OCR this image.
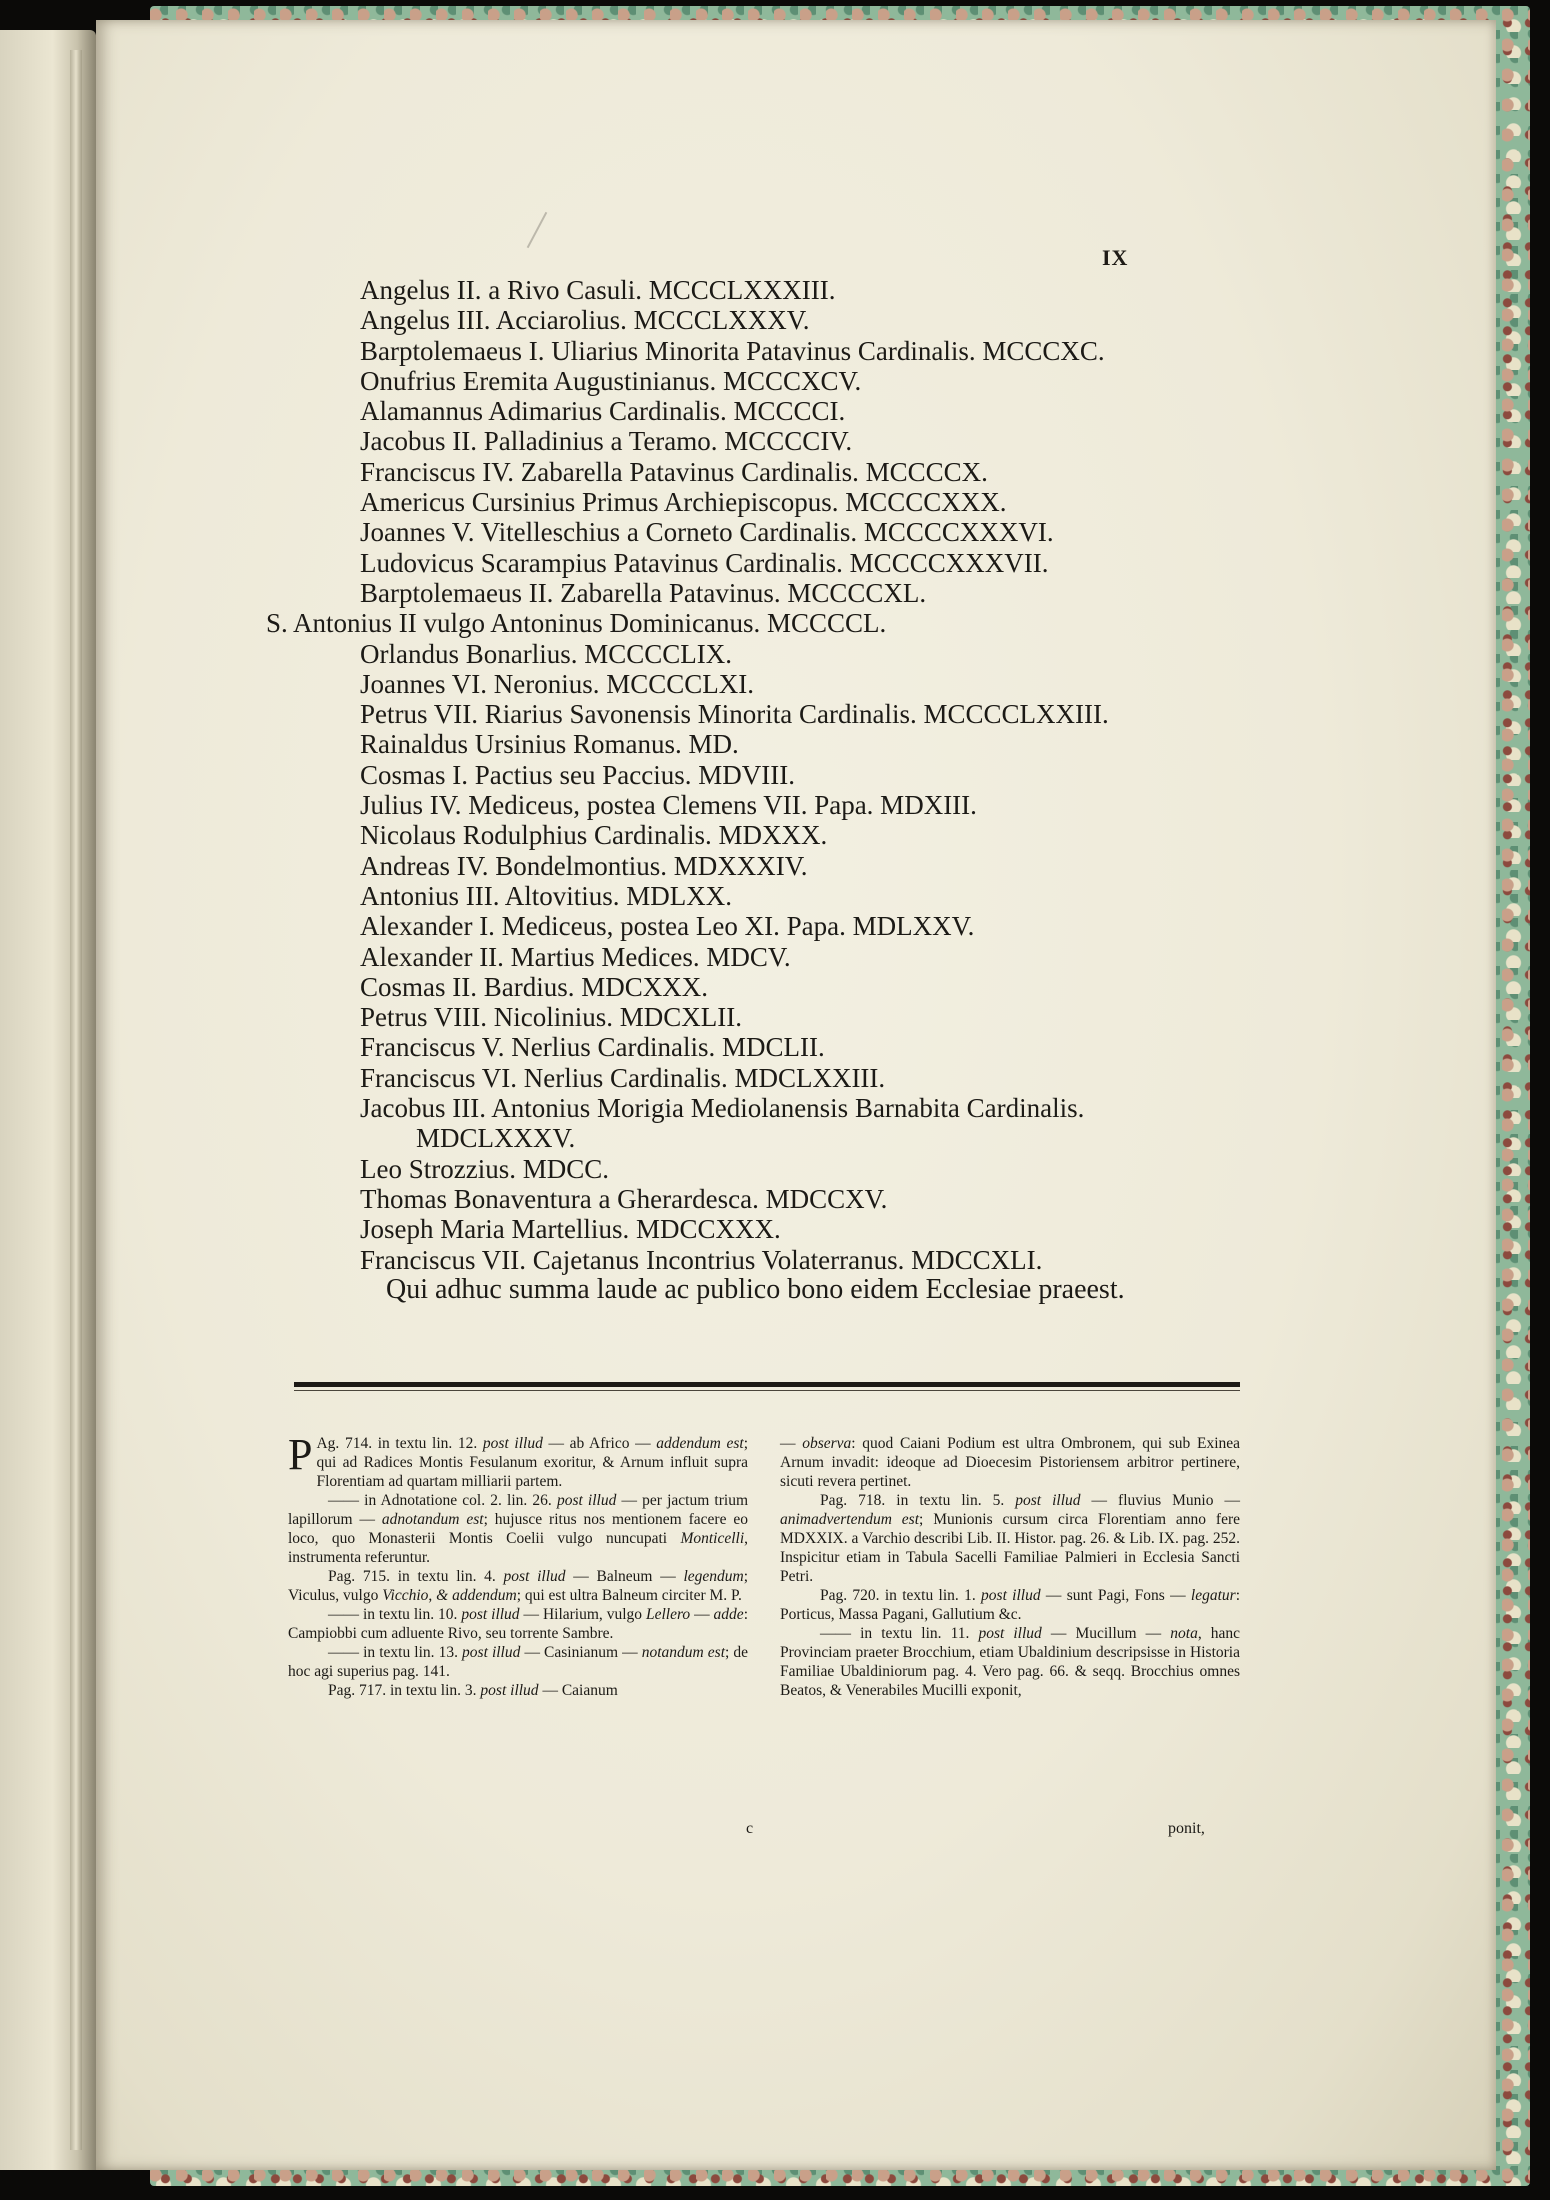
IX
Angelus II. a Rivo Casuli. MCCCLXXXIII.
Angelus III. Acciarolius. MCCCLXXXV.
Barptolemaeus I. Uliarius Minorita Patavinus Cardinalis. MCCCXC.
Onufrius Eremita Augustinianus. MCCCXCV.
Alamannus Adimarius Cardinalis. MCCCCI.
Jacobus II. Palladinius a Teramo. MCCCCIV.
Franciscus IV. Zabarella Patavinus Cardinalis. MCCCCX.
Americus Cursinius Primus Archiepiscopus. MCCCCXXX.
Joannes V. Vitelleschius a Corneto Cardinalis. MCCCCXXXVI.
Ludovicus Scarampius Patavinus Cardinalis. MCCCCXXXVII.
Barptolemaeus II. Zabarella Patavinus. MCCCCXL.
S. Antonius II vulgo Antoninus Dominicanus. MCCCCL.
Orlandus Bonarlius. MCCCCLIX.
Joannes VI. Neronius. MCCCCLXI.
Petrus VII. Riarius Savonensis Minorita Cardinalis. MCCCCLXXIII.
Rainaldus Ursinius Romanus. MD.
Cosmas I. Pactius seu Paccius. MDVIII.
Julius IV. Mediceus, postea Clemens VII. Papa. MDXIII.
Nicolaus Rodulphius Cardinalis. MDXXX.
Andreas IV. Bondelmontius. MDXXXIV.
Antonius III. Altovitius. MDLXX.
Alexander I. Mediceus, postea Leo XI. Papa. MDLXXV.
Alexander II. Martius Medices. MDCV.
Cosmas II. Bardius. MDCXXX.
Petrus VIII. Nicolinius. MDCXLII.
Franciscus V. Nerlius Cardinalis. MDCLII.
Franciscus VI. Nerlius Cardinalis. MDCLXXIII.
Jacobus III. Antonius Morigia Mediolanensis Barnabita Cardinalis.
MDCLXXXV.
Leo Strozzius. MDCC.
Thomas Bonaventura a Gherardesca. MDCCXV.
Joseph Maria Martellius. MDCCXXX.
Franciscus VII. Cajetanus Incontrius Volaterranus. MDCCXLI.
Qui adhuc summa laude ac publico bono eidem Ecclesiae praeest.

P Ag. 714. in textu lin. 12. post illud — ab Africo — addendum est; qui ad Radices Montis Fesulanum exoritur, & Arnum influit supra Florentiam ad quartam milliarii partem.

—— in Adnotatione col. 2. lin. 26. post illud — per jactum trium lapillorum — adnotandum est; hujusce ritus nos mentionem facere eo loco, quo Monasterii Montis Coelii vulgo nuncupati Monticelli, instrumenta referuntur.

Pag. 715. in textu lin. 4. post illud — Balneum — legendum; Viculus, vulgo Vicchio, & addendum; qui est ultra Balneum circiter M. P.

—— in textu lin. 10. post illud — Hilarium, vulgo Lellero — adde: Campiobbi cum adluente Rivo, seu torrente Sambre.

—— in textu lin. 13. post illud — Casinianum — notandum est; de hoc agi superius pag. 141.

Pag. 717. in textu lin. 3. post illud — Caianum

— observa: quod Caiani Podium est ultra Ombronem, qui sub Exinea Arnum invadit: ideoque ad Dioecesim Pistoriensem arbitror pertinere, sicuti revera pertinet.

Pag. 718. in textu lin. 5. post illud — fluvius Munio — animadvertendum est; Munionis cursum circa Florentiam anno fere MDXXIX. a Varchio describi Lib. II. Histor. pag. 26. & Lib. IX. pag. 252. Inspicitur etiam in Tabula Sacelli Familiae Palmieri in Ecclesia Sancti Petri.

Pag. 720. in textu lin. 1. post illud — sunt Pagi, Fons — legatur: Porticus, Massa Pagani, Gallutium &c.

—— in textu lin. 11. post illud — Mucillum — nota, hanc Provinciam praeter Brocchium, etiam Ubaldinium descripsisse in Historia Familiae Ubaldiniorum pag. 4. Vero pag. 66. & seqq. Brocchius omnes Beatos, & Venerabiles Mucilli exponit,

c	ponit,
